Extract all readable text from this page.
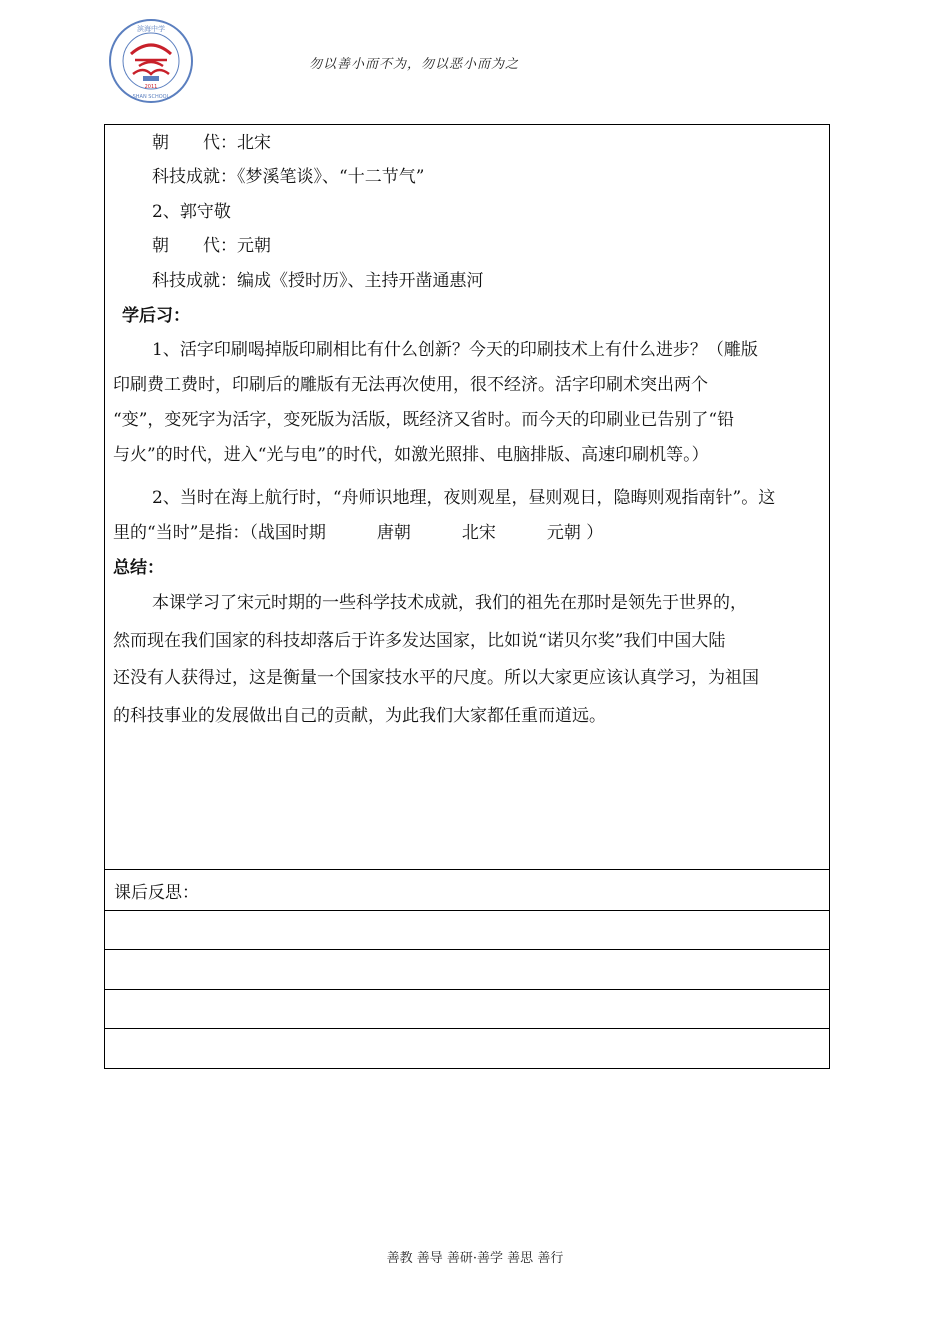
2011
滨海中学
SHAN SCHOOL
勿以善小而不为，勿以恶小而为之
朝　　代：北宋
科技成就：《梦溪笔谈》、“十二节气”
2、郭守敬
朝　　代：元朝
科技成就：编成《授时历》、主持开凿通惠河
学后习：
1、活字印刷喝掉版印刷相比有什么创新？今天的印刷技术上有什么进步？（雕版
印刷费工费时，印刷后的雕版有无法再次使用，很不经济。活字印刷术突出两个
“变”，变死字为活字，变死版为活版，既经济又省时。而今天的印刷业已告别了“铅
与火”的时代，进入“光与电”的时代，如激光照排、电脑排版、高速印刷机等。）
2、当时在海上航行时，“舟师识地理，夜则观星，昼则观日，隐晦则观指南针”。这
里的“当时”是指：（战国时期　　　唐朝　　　北宋　　　元朝 ）
总结：
本课学习了宋元时期的一些科学技术成就，我们的祖先在那时是领先于世界的，
然而现在我们国家的科技却落后于许多发达国家，比如说“诺贝尔奖”我们中国大陆
还没有人获得过，这是衡量一个国家技水平的尺度。所以大家更应该认真学习，为祖国
的科技事业的发展做出自己的贡献，为此我们大家都任重而道远。
课后反思：
善教 善导 善研·善学 善思 善行
